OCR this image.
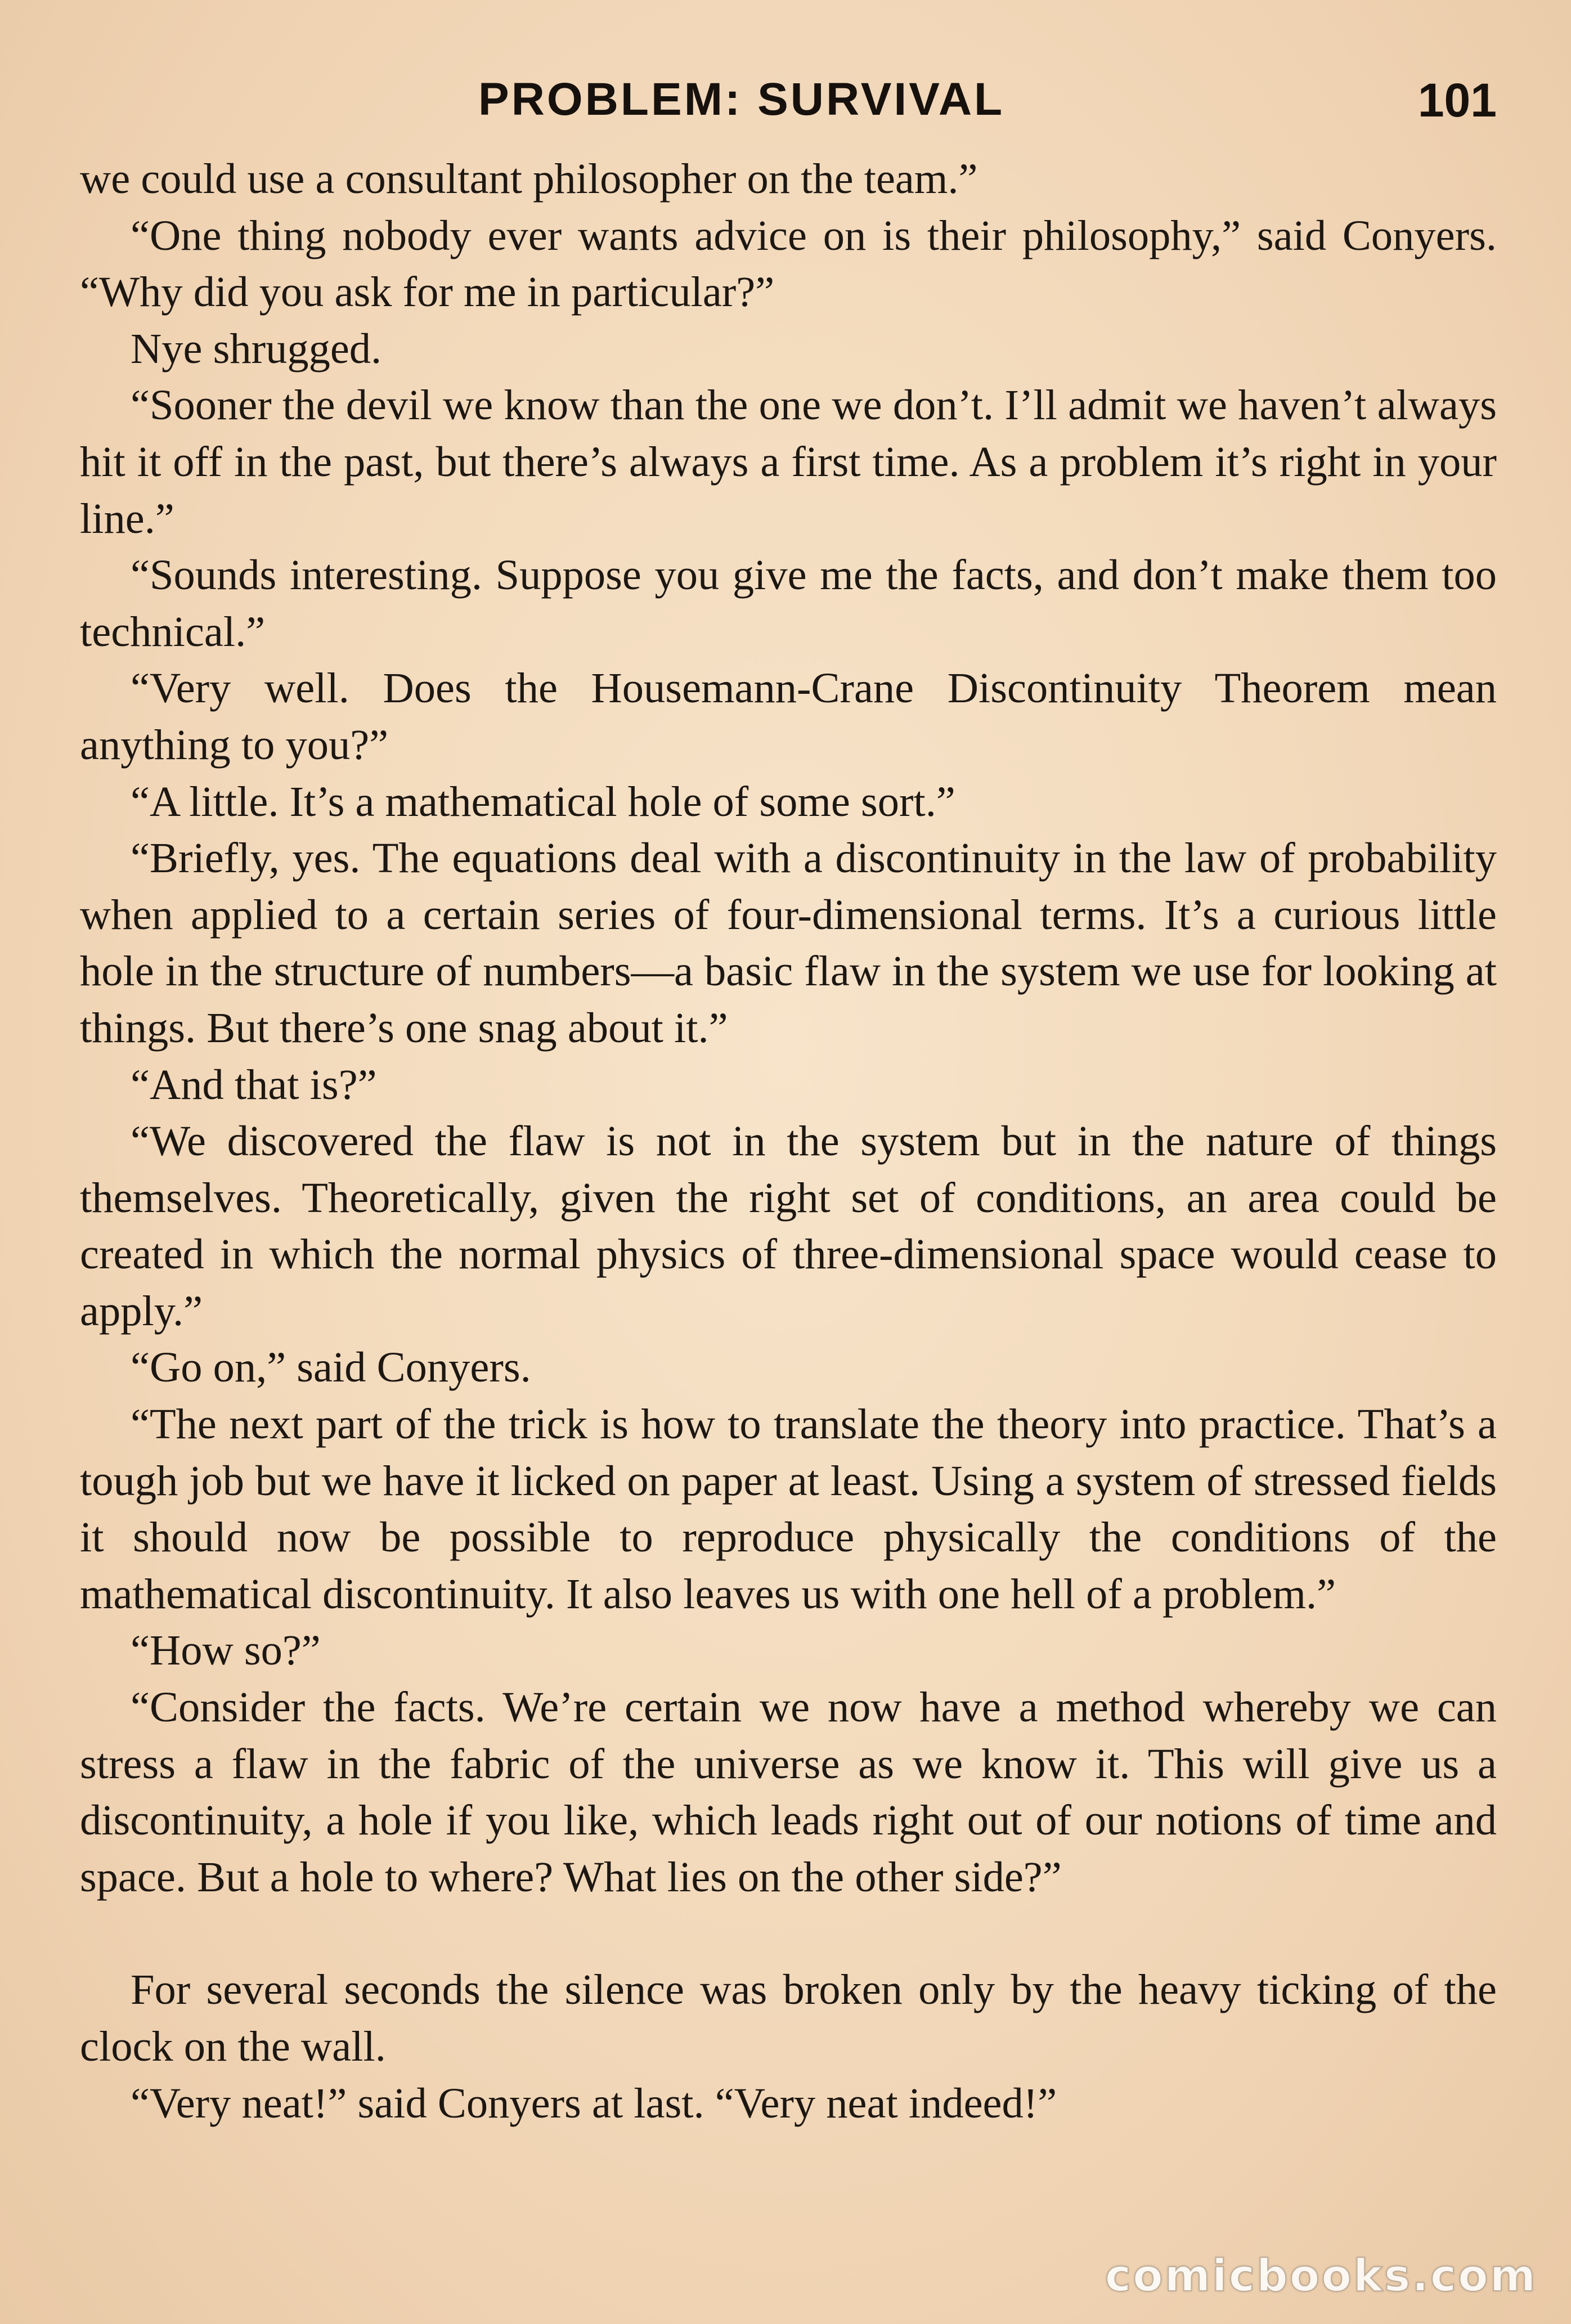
PROBLEM: SURVIVAL	101

we could use a consultant philosopher on the team.”

“One thing nobody ever wants advice on is their philosophy,” said Conyers. “Why did you ask for me in particular?”

Nye shrugged.

“Sooner the devil we know than the one we don’t. I’ll admit we haven’t always hit it off in the past, but there’s always a first time. As a problem it’s right in your line.”

“Sounds interesting. Suppose you give me the facts, and don’t make them too technical.”

“Very well. Does the Housemann-Crane Discontinuity Theorem mean anything to you?”

“A little. It’s a mathematical hole of some sort.”

“Briefly, yes. The equations deal with a discontinuity in the law of probability when applied to a certain series of four-dimensional terms. It’s a curious little hole in the structure of numbers—a basic flaw in the system we use for looking at things. But there’s one snag about it.”

“And that is?”

“We discovered the flaw is not in the system but in the nature of things themselves. Theoretically, given the right set of conditions, an area could be created in which the normal physics of three-dimensional space would cease to apply.”

“Go on,” said Conyers.

“The next part of the trick is how to translate the theory into practice. That’s a tough job but we have it licked on paper at least. Using a system of stressed fields it should now be possible to reproduce physically the conditions of the mathematical discontinuity. It also leaves us with one hell of a problem.”

“How so?”

“Consider the facts. We’re certain we now have a method whereby we can stress a flaw in the fabric of the universe as we know it. This will give us a discontinuity, a hole if you like, which leads right out of our notions of time and space. But a hole to where? What lies on the other side?”

For several seconds the silence was broken only by the heavy ticking of the clock on the wall.

“Very neat!” said Conyers at last. “Very neat indeed!”

comicbooks.com
